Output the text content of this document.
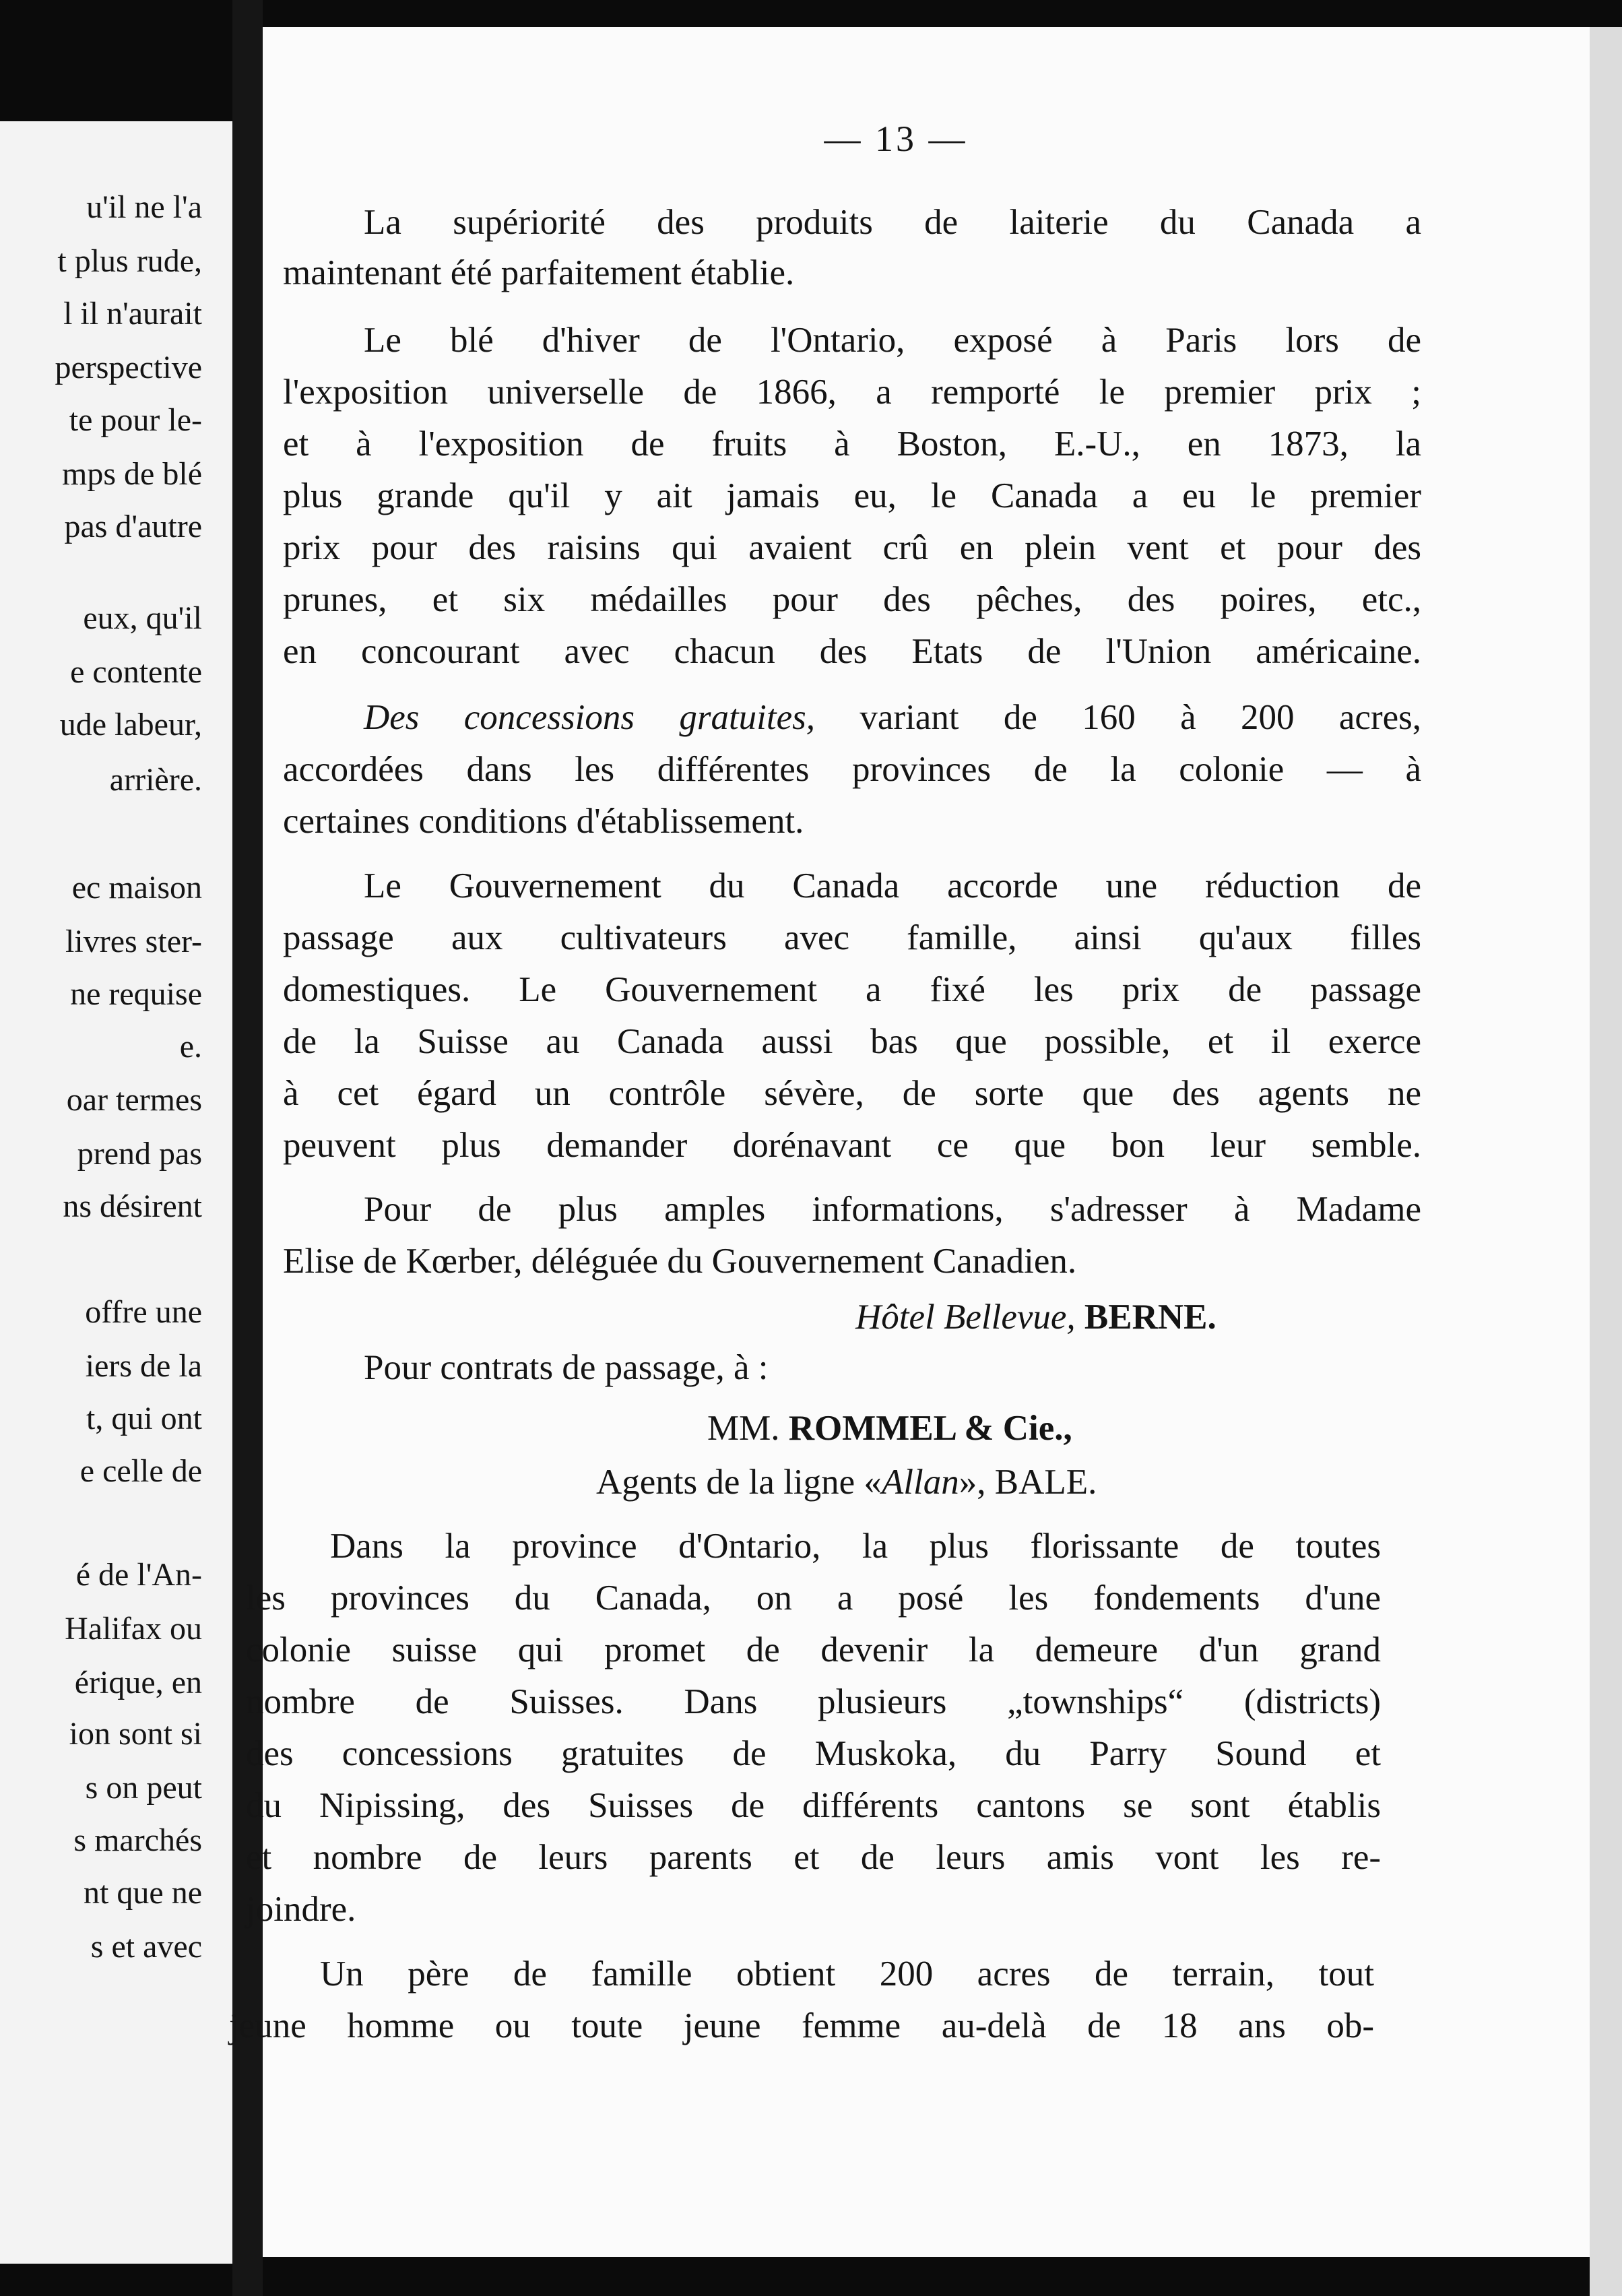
u'il ne l'a
t plus rude,
l il n'aurait
perspective
te pour le-
mps de blé
pas d'autre
eux, qu'il
e contente
ude labeur,
arrière.
ec maison
livres ster-
ne requise
e.
oar termes
prend pas
ns désirent
offre une
iers de la
t, qui ont
e celle de
é de l'An-
Halifax ou
érique, en
ion sont si
s on peut
s marchés
nt que ne
s et avec
— 13 —
La supériorité des produits de laiterie du Canada a
maintenant été parfaitement établie.
Le blé d'hiver de l'Ontario, exposé à Paris lors de
l'exposition universelle de 1866, a remporté le premier prix ;
et à l'exposition de fruits à Boston, E.-U., en 1873, la
plus grande qu'il y ait jamais eu, le Canada a eu le premier
prix pour des raisins qui avaient crû en plein vent et pour des
prunes, et six médailles pour des pêches, des poires, etc.,
en concourant avec chacun des Etats de l'Union américaine.
Des concessions gratuites, variant de 160 à 200 acres,
accordées dans les différentes provinces de la colonie — à
certaines conditions d'établissement.
Le Gouvernement du Canada accorde une réduction de
passage aux cultivateurs avec famille, ainsi qu'aux filles
domestiques. Le Gouvernement a fixé les prix de passage
de la Suisse au Canada aussi bas que possible, et il exerce
à cet égard un contrôle sévère, de sorte que des agents ne
peuvent plus demander dorénavant ce que bon leur semble.
Pour de plus amples informations, s'adresser à Madame
Elise de Kœrber, déléguée du Gouvernement Canadien.
Hôtel Bellevue, BERNE.
Pour contrats de passage, à :
MM. ROMMEL & Cie.,
Agents de la ligne «Allan», BALE.
Dans la province d'Ontario, la plus florissante de toutes
les provinces du Canada, on a posé les fondements d'une
colonie suisse qui promet de devenir la demeure d'un grand
nombre de Suisses. Dans plusieurs „townships“ (districts)
des concessions gratuites de Muskoka, du Parry Sound et
du Nipissing, des Suisses de différents cantons se sont établis
et nombre de leurs parents et de leurs amis vont les re-
joindre.
Un père de famille obtient 200 acres de terrain, tout
jeune homme ou toute jeune femme au-delà de 18 ans ob-
